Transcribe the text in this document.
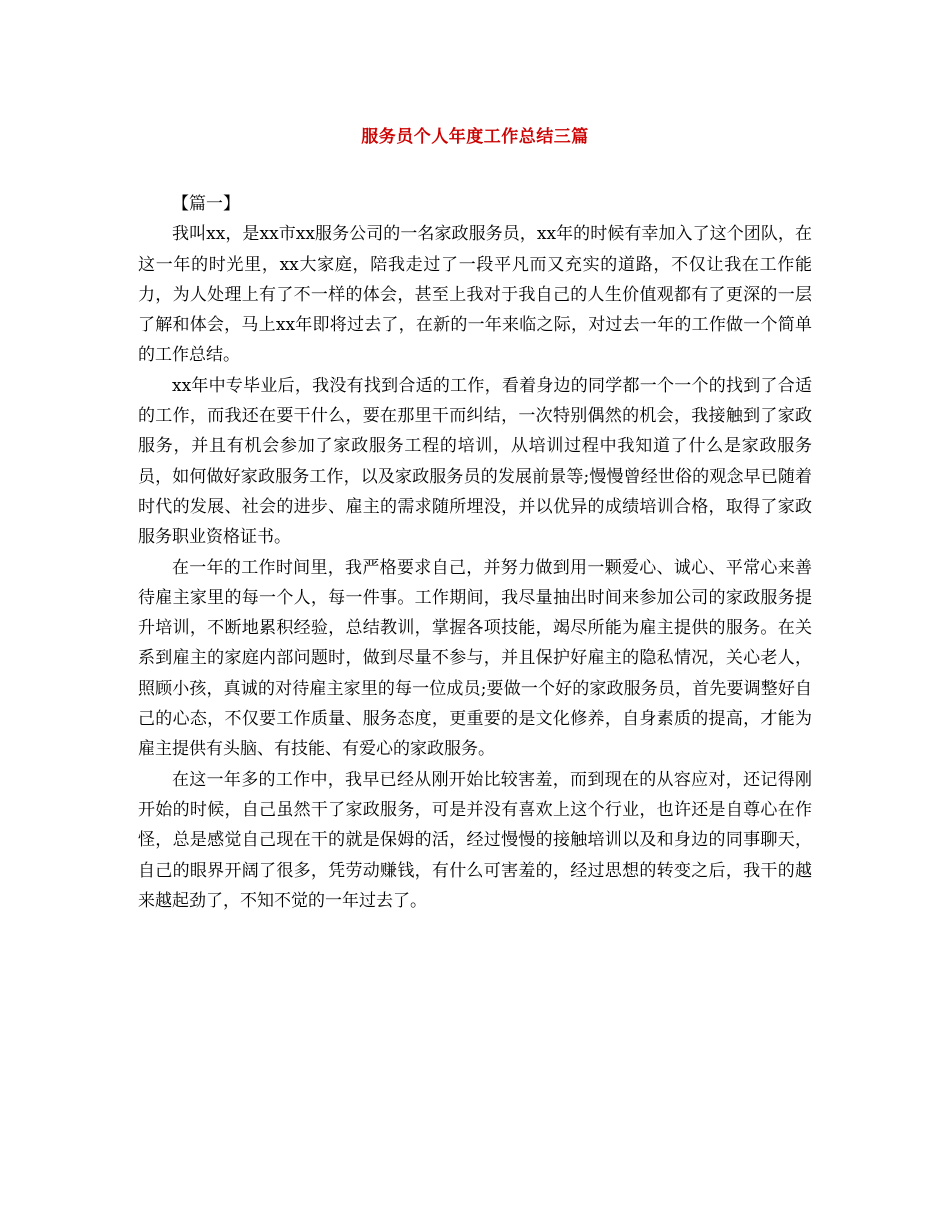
服务员个人年度工作总结三篇

【篇一】

我叫xx，是xx市xx服务公司的一名家政服务员，xx年的时候有幸加入了这个团队，在这一年的时光里，xx大家庭，陪我走过了一段平凡而又充实的道路，不仅让我在工作能力，为人处理上有了不一样的体会，甚至上我对于我自己的人生价值观都有了更深的一层了解和体会，马上xx年即将过去了，在新的一年来临之际，对过去一年的工作做一个简单的工作总结。

xx年中专毕业后，我没有找到合适的工作，看着身边的同学都一个一个的找到了合适的工作，而我还在要干什么，要在那里干而纠结，一次特别偶然的机会，我接触到了家政服务，并且有机会参加了家政服务工程的培训，从培训过程中我知道了什么是家政服务员，如何做好家政服务工作，以及家政服务员的发展前景等;慢慢曾经世俗的观念早已随着时代的发展、社会的进步、雇主的需求随所埋没，并以优异的成绩培训合格，取得了家政服务职业资格证书。

在一年的工作时间里，我严格要求自己，并努力做到用一颗爱心、诚心、平常心来善待雇主家里的每一个人，每一件事。工作期间，我尽量抽出时间来参加公司的家政服务提升培训，不断地累积经验，总结教训，掌握各项技能，竭尽所能为雇主提供的服务。在关系到雇主的家庭内部问题时，做到尽量不参与，并且保护好雇主的隐私情况，关心老人，照顾小孩，真诚的对待雇主家里的每一位成员;要做一个好的家政服务员，首先要调整好自己的心态，不仅要工作质量、服务态度，更重要的是文化修养，自身素质的提高，才能为雇主提供有头脑、有技能、有爱心的家政服务。

在这一年多的工作中，我早已经从刚开始比较害羞，而到现在的从容应对，还记得刚开始的时候，自己虽然干了家政服务，可是并没有喜欢上这个行业，也许还是自尊心在作怪，总是感觉自己现在干的就是保姆的活，经过慢慢的接触培训以及和身边的同事聊天，自己的眼界开阔了很多，凭劳动赚钱，有什么可害羞的，经过思想的转变之后，我干的越来越起劲了，不知不觉的一年过去了。
